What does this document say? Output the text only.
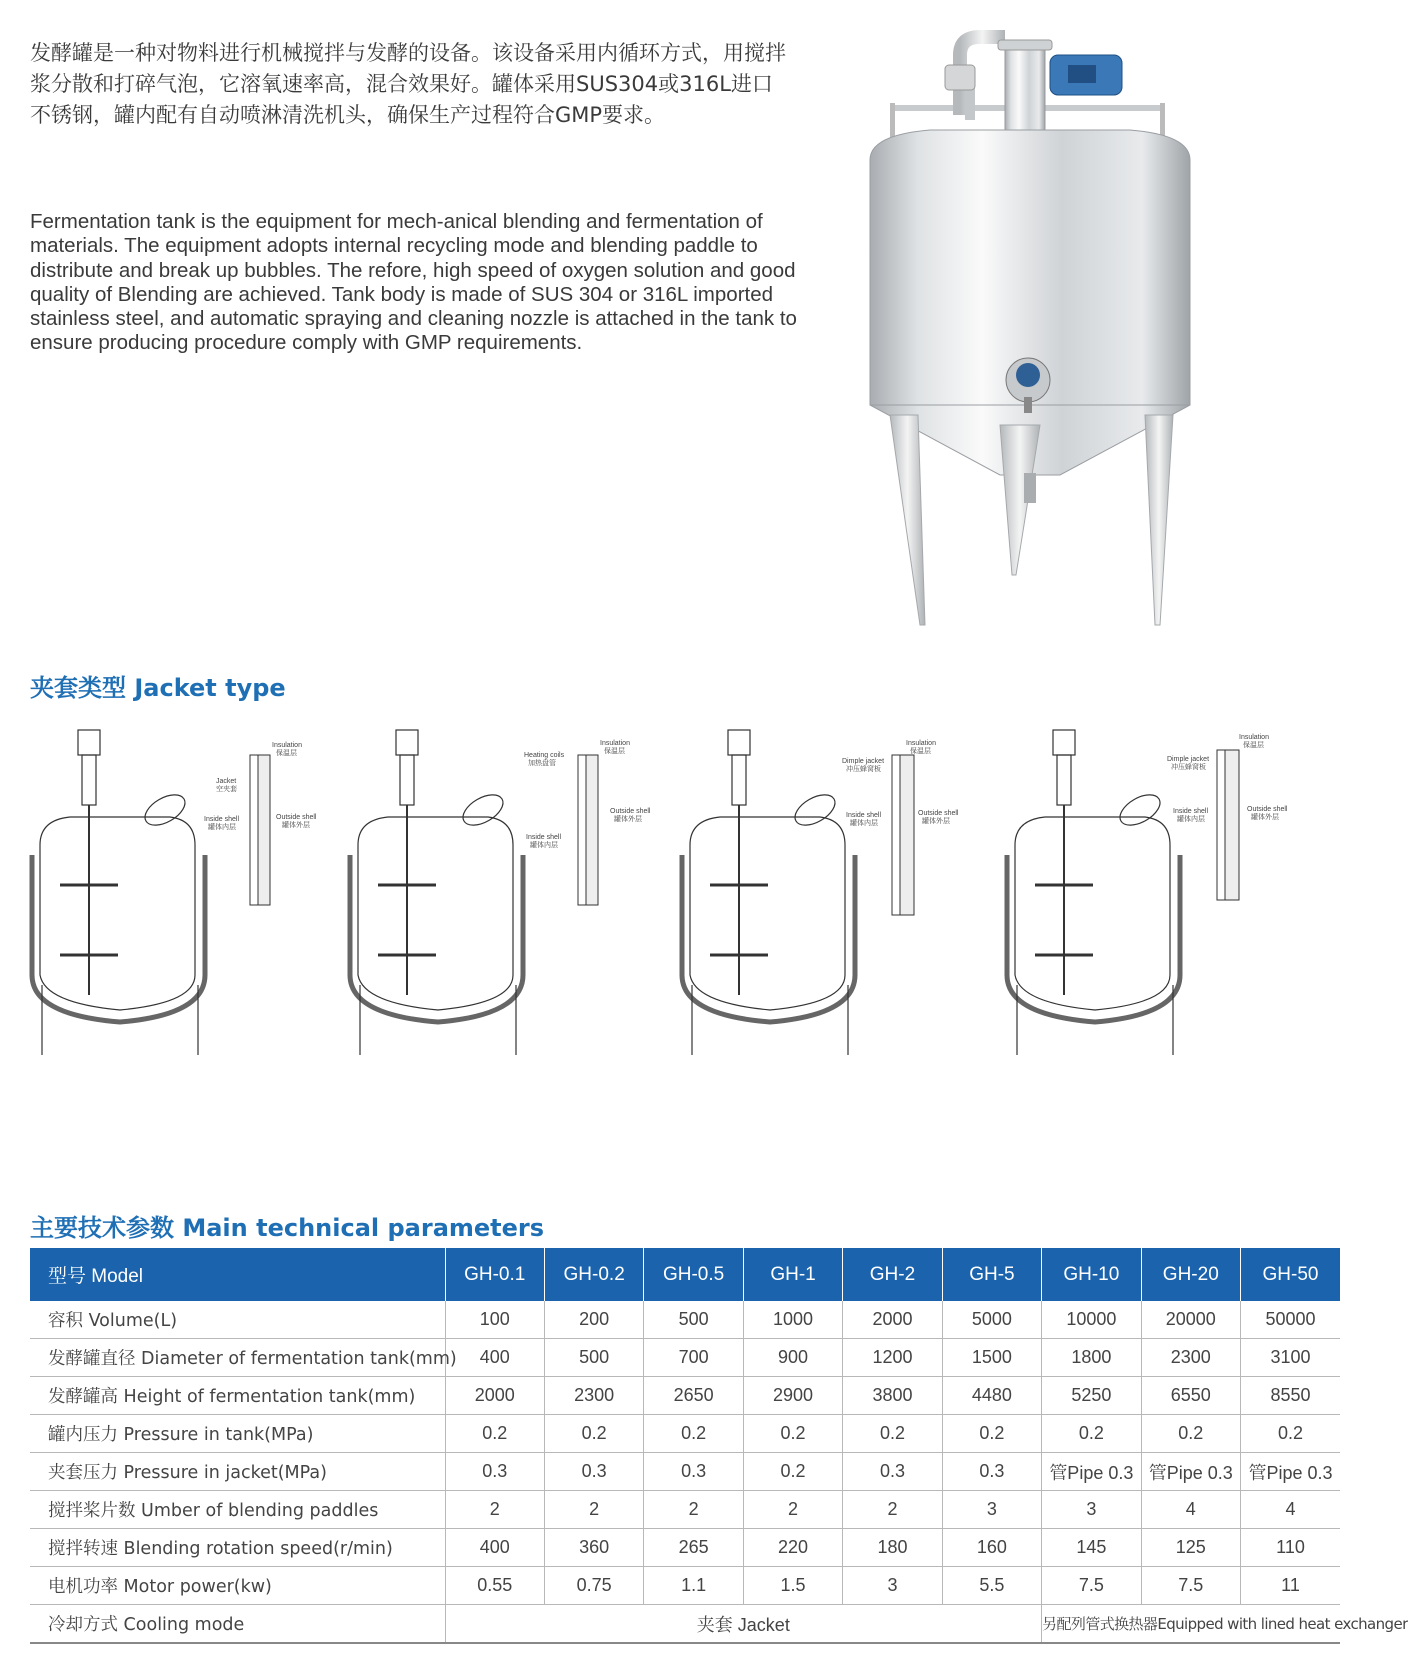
发酵罐是一种对物料进行机械搅拌与发酵的设备。该设备采用内循环方式，用搅拌浆分散和打碎气泡，它溶氧速率高，混合效果好。罐体采用SUS304或316L进口不锈钢，罐内配有自动喷淋清洗机头，确保生产过程符合GMP要求。
Fermentation tank is the equipment for mech-anical blending and fermentation of materials. The equipment adopts internal recycling mode and blending paddle to distribute and break up bubbles. The refore, high speed of oxygen solution and good quality of Blending are achieved. Tank body is made of SUS 304 or 316L imported stainless steel, and automatic spraying and cleaning nozzle is attached in the tank to ensure producing procedure comply with GMP requirements.
夹套类型 Jacket type
Insulation
保温层
Jacket
空夹套
Inside shell
罐体内层
Outside shell
罐体外层
Heating coils
加热盘管
Insulation
保温层
Outside shell
罐体外层
Inside shell
罐体内层
Dimple jacket
冲压蜂窝板
Insulation
保温层
Inside shell
罐体内层
Outside shell
罐体外层
Dimple jacket
冲压蜂窝板
Insulation
保温层
Inside shell
罐体内层
Outside shell
罐体外层
主要技术参数 Main technical parameters
型号 Model	GH-0.1	GH-0.2	GH-0.5	GH-1	GH-2	GH-5	GH-10	GH-20	GH-50
容积 Volume(L)	100	200	500	1000	2000	5000	10000	20000	50000
发酵罐直径 Diameter of fermentation tank(mm)	400	500	700	900	1200	1500	1800	2300	3100
发酵罐高 Height of fermentation tank(mm)	2000	2300	2650	2900	3800	4480	5250	6550	8550
罐内压力 Pressure in tank(MPa)	0.2	0.2	0.2	0.2	0.2	0.2	0.2	0.2	0.2
夹套压力 Pressure in jacket(MPa)	0.3	0.3	0.3	0.2	0.3	0.3	管Pipe 0.3	管Pipe 0.3	管Pipe 0.3
搅拌桨片数 Umber of blending paddles	2	2	2	2	2	3	3	4	4
搅拌转速 Blending rotation speed(r/min)	400	360	265	220	180	160	145	125	110
电机功率 Motor power(kw)	0.55	0.75	1.1	1.5	3	5.5	7.5	7.5	11
冷却方式 Cooling mode	夹套 Jacket						另配列管式换热器Equipped with lined heat exchanger		
